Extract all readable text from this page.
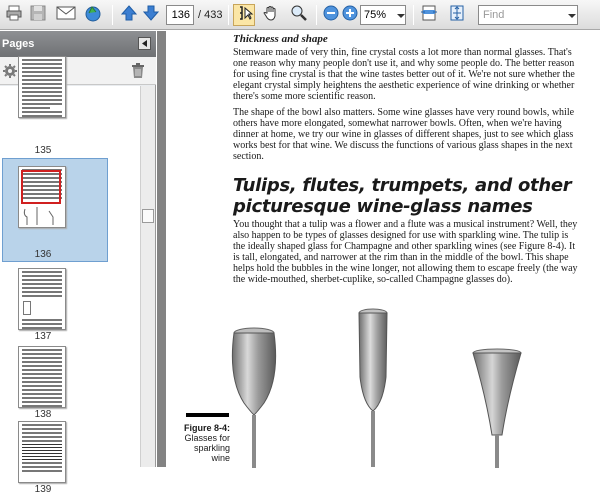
136
/ 433	75%	Find
Pages
135
136
137
138
139
Thickness and shape
Stemware made of very thin, fine crystal costs a lot more than normal glasses. That's one reason why many people don't use it, and why some people do. The better reason for using fine crystal is that the wine tastes better out of it. We're not sure whether the elegant crystal simply heightens the aesthetic experience of wine drinking or whether there's some more scientific reason.
The shape of the bowl also matters. Some wine glasses have very round bowls, while others have more elongated, somewhat narrower bowls. Often, when we're having dinner at home, we try our wine in glasses of different shapes, just to see which glass works best for that wine. We discuss the functions of various glass shapes in the next section.
Tulips, flutes, trumpets, and other picturesque wine-glass names
You thought that a tulip was a flower and a flute was a musical instrument? Well, they also happen to be types of glasses designed for use with sparkling wine. The tulip is the ideally shaped glass for Champagne and other sparkling wines (see Figure 8-4). It is tall, elongated, and narrower at the rim than in the middle of the bowl. This shape helps hold the bubbles in the wine longer, not allowing them to escape freely (the way the wide-mouthed, sherbet-cuplike, so-called Champagne glasses do).
Figure 8-4:
Glasses for sparkling wine
